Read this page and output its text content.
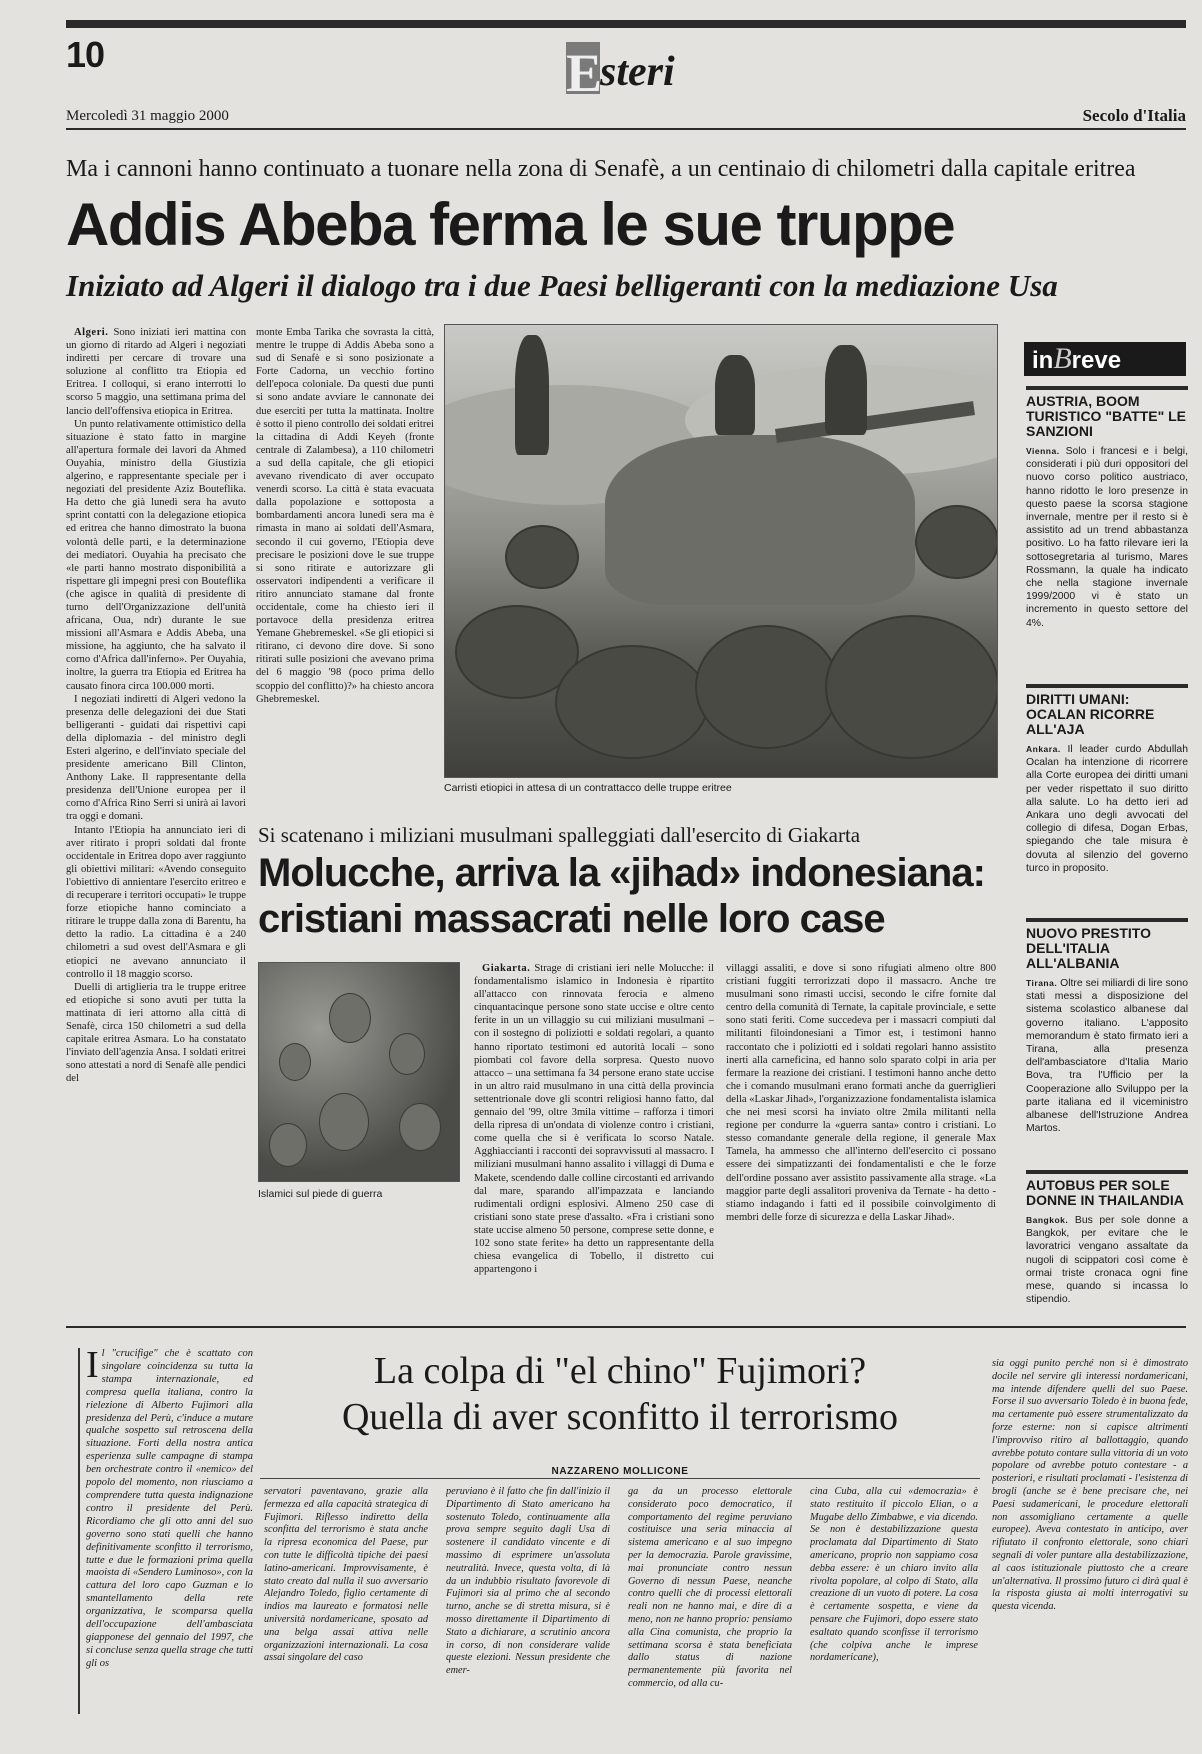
10	E
steri
Mercoledì 31 maggio 2000	Secolo d'Italia
Ma i cannoni hanno continuato a tuonare nella zona di Senafè, a un centinaio di chilometri dalla capitale eritrea
Addis Abeba ferma le sue truppe
Iniziato ad Algeri il dialogo tra i due Paesi belligeranti con la mediazione Usa

Algeri. Sono iniziati ieri mattina con un giorno di ritardo ad Algeri i negoziati indiretti per cercare di trovare una soluzione al conflitto tra Etiopia ed Eritrea. I colloqui, si erano interrotti lo scorso 5 maggio, una settimana prima del lancio dell'offensiva etiopica in Eritrea.

Un punto relativamente ottimistico della situazione è stato fatto in margine all'apertura formale dei lavori da Ahmed Ouyahia, ministro della Giustizia algerino, e rappresentante speciale per i negoziati del presidente Aziz Bouteflika. Ha detto che già lunedì sera ha avuto sprint contatti con la delegazione etiopica ed eritrea che hanno dimostrato la buona volontà delle parti, e la determinazione dei mediatori. Ouyahia ha precisato che «le parti hanno mostrato disponibilità a rispettare gli impegni presi con Bouteflika (che agisce in qualità di presidente di turno dell'Organizzazione dell'unità africana, Oua, ndr) durante le sue missioni all'Asmara e Addis Abeba, una missione, ha aggiunto, che ha salvato il corno d'Africa dall'inferno». Per Ouyahia, inoltre, la guerra tra Etiopia ed Eritrea ha causato finora circa 100.000 morti.

I negoziati indiretti di Algeri vedono la presenza delle delegazioni dei due Stati belligeranti - guidati dai rispettivi capi della diplomazia - del ministro degli Esteri algerino, e dell'inviato speciale del presidente americano Bill Clinton, Anthony Lake. Il rappresentante della presidenza dell'Unione europea per il corno d'Africa Rino Serri si unirà ai lavori tra oggi e domani.

Intanto l'Etiopia ha annunciato ieri di aver ritirato i propri soldati dal fronte occidentale in Eritrea dopo aver raggiunto gli obiettivi militari: «Avendo conseguito l'obiettivo di annientare l'esercito eritreo e di recuperare i territori occupati» le truppe forze etiopiche hanno cominciato a ritirare le truppe dalla zona di Barentu, ha detto la radio. La cittadina è a 240 chilometri a sud ovest dell'Asmara e gli etiopici ne avevano annunciato il controllo il 18 maggio scorso.

Duelli di artiglieria tra le truppe eritree ed etiopiche si sono avuti per tutta la mattinata di ieri attorno alla città di Senafè, circa 150 chilometri a sud della capitale eritrea Asmara. Lo ha constatato l'inviato dell'agenzia Ansa. I soldati eritrei sono attestati a nord di Senafè alle pendici del

monte Emba Tarika che sovrasta la città, mentre le truppe di Addis Abeba sono a sud di Senafè e si sono posizionate a Forte Cadorna, un vecchio fortino dell'epoca coloniale. Da questi due punti si sono andate avviare le cannonate dei due eserciti per tutta la mattinata. Inoltre è sotto il pieno controllo dei soldati eritrei la cittadina di Addi Keyeh (fronte centrale di Zalambesa), a 110 chilometri a sud della capitale, che gli etiopici avevano rivendicato di aver occupato venerdì scorso. La città è stata evacuata dalla popolazione e sottoposta a bombardamenti ancora lunedì sera ma è rimasta in mano ai soldati dell'Asmara, secondo il cui governo, l'Etiopia deve precisare le posizioni dove le sue truppe si sono ritirate e autorizzare gli osservatori indipendenti a verificare il ritiro annunciato stamane dal fronte occidentale, come ha chiesto ieri il portavoce della presidenza eritrea Yemane Ghebremeskel. «Se gli etiopici si ritirano, ci devono dire dove. Si sono ritirati sulle posizioni che avevano prima del 6 maggio '98 (poco prima dello scoppio del conflitto)?» ha chiesto ancora Ghebremeskel.

Carristi etiopici in attesa di un contrattacco delle truppe eritree
Si scatenano i miliziani musulmani spalleggiati dall'esercito di Giakarta
Molucche, arriva la «jihad» indonesiana:
cristiani massacrati nelle loro case
Islamici sul piede di guerra

Giakarta. Strage di cristiani ieri nelle Molucche: il fondamentalismo islamico in Indonesia è ripartito all'attacco con rinnovata ferocia e almeno cinquantacinque persone sono state uccise e oltre cento ferite in un un villaggio su cui miliziani musulmani – con il sostegno di poliziotti e soldati regolari, a quanto hanno riportato testimoni ed autorità locali – sono piombati col favore della sorpresa. Questo nuovo attacco – una settimana fa 34 persone erano state uccise in un altro raid musulmano in una città della provincia settentrionale dove gli scontri religiosi hanno fatto, dal gennaio del '99, oltre 3mila vittime – rafforza i timori della ripresa di un'ondata di violenze contro i cristiani, come quella che si è verificata lo scorso Natale. Agghiaccianti i racconti dei sopravvissuti al massacro. I miliziani musulmani hanno assalito i villaggi di Duma e Makete, scendendo dalle colline circostanti ed arrivando dal mare, sparando all'impazzata e lanciando rudimentali ordigni esplosivi. Almeno 250 case di cristiani sono state prese d'assalto. «Fra i cristiani sono state uccise almeno 50 persone, comprese sette donne, e 102 sono state ferite» ha detto un rappresentante della chiesa evangelica di Tobello, il distretto cui appartengono i

villaggi assaliti, e dove si sono rifugiati almeno oltre 800 cristiani fuggiti terrorizzati dopo il massacro. Anche tre musulmani sono rimasti uccisi, secondo le cifre fornite dal centro della comunità di Ternate, la capitale provinciale, e sette sono stati feriti. Come succedeva per i massacri compiuti dal militanti filoindonesiani a Timor est, i testimoni hanno raccontato che i poliziotti ed i soldati regolari hanno assistito inerti alla carneficina, ed hanno solo sparato colpi in aria per fermare la reazione dei cristiani. I testimoni hanno anche detto che i comando musulmani erano formati anche da guerriglieri della «Laskar Jihad», l'organizzazione fondamentalista islamica che nei mesi scorsi ha inviato oltre 2mila militanti nella regione per condurre la «guerra santa» contro i cristiani. Lo stesso comandante generale della regione, il generale Max Tamela, ha ammesso che all'interno dell'esercito ci possano essere dei simpatizzanti dei fondamentalisti e che le forze dell'ordine possano aver assistito passivamente alla strage. «La maggior parte degli assalitori proveniva da Ternate - ha detto - stiamo indagando i fatti ed il possibile coinvolgimento di membri delle forze di sicurezza e della Laskar Jihad».

inBreve
AUSTRIA, BOOM TURISTICO "BATTE" LE SANZIONI

Vienna. Solo i francesi e i belgi, considerati i più duri oppositori del nuovo corso politico austriaco, hanno ridotto le loro presenze in questo paese la scorsa stagione invernale, mentre per il resto si è assistito ad un trend abbastanza positivo. Lo ha fatto rilevare ieri la sottosegretaria al turismo, Mares Rossmann, la quale ha indicato che nella stagione invernale 1999/2000 vi è stato un incremento in questo settore del 4%.

DIRITTI UMANI: OCALAN RICORRE ALL'AJA

Ankara. Il leader curdo Abdullah Ocalan ha intenzione di ricorrere alla Corte europea dei diritti umani per veder rispettato il suo diritto alla salute. Lo ha detto ieri ad Ankara uno degli avvocati del collegio di difesa, Dogan Erbas, spiegando che tale misura è dovuta al silenzio del governo turco in proposito.

NUOVO PRESTITO DELL'ITALIA ALL'ALBANIA

Tirana. Oltre sei miliardi di lire sono stati messi a disposizione del sistema scolastico albanese dal governo italiano. L'apposito memorandum è stato firmato ieri a Tirana, alla presenza dell'ambasciatore d'Italia Mario Bova, tra l'Ufficio per la Cooperazione allo Sviluppo per la parte italiana ed il viceministro albanese dell'Istruzione Andrea Martos.

AUTOBUS PER SOLE DONNE IN THAILANDIA

Bangkok. Bus per sole donne a Bangkok, per evitare che le lavoratrici vengano assaltate da nugoli di scippatori così come è ormai triste cronaca ogni fine mese, quando si incassa lo stipendio.

Il "crucifige" che è scattato con singolare coincidenza su tutta la stampa internazionale, ed compresa quella italiana, contro la rielezione di Alberto Fujimori alla presidenza del Perù, c'induce a mutare qualche sospetto sul retroscena della situazione. Forti della nostra antica esperienza sulle campagne di stampa ben orchestrate contro il «nemico» del popolo del momento, non riusciamo a comprendere tutta questa indignazione contro il presidente del Perù. Ricordiamo che gli otto anni del suo governo sono stati quelli che hanno definitivamente sconfitto il terrorismo, tutte e due le formazioni prima quella maoista di «Sendero Luminoso», con la cattura del loro capo Guzman e lo smantellamento della rete organizzativa, le scomparsa quella dell'occupazione dell'ambasciata giapponese del gennaio del 1997, che si concluse senza quella strage che tutti gli os
La colpa di "el chino" Fujimori?
Quella di aver sconfitto il terrorismo
NAZZARENO MOLLICONE

servatori paventavano, grazie alla fermezza ed alla capacità strategica di Fujimori. Riflesso indiretto della sconfitta del terrorismo è stata anche la ripresa economica del Paese, pur con tutte le difficoltà tipiche dei paesi latino-americani. Improvvisamente, è stato creato dal nulla il suo avversario Alejandro Toledo, figlio certamente di indios ma laureato e formatosi nelle università nordamericane, sposato ad una belga assai attiva nelle organizzazioni internazionali. La cosa assai singolare del caso

peruviano è il fatto che fin dall'inizio il Dipartimento di Stato americano ha sostenuto Toledo, continuamente alla prova sempre seguito dagli Usa di sostenere il candidato vincente e di massimo di esprimere un'assoluta neutralità. Invece, questa volta, di là da un indubbio risultato favorevole di Fujimori sia al primo che al secondo turno, anche se di stretta misura, si è mosso direttamente il Dipartimento di Stato a dichiarare, a scrutinio ancora in corso, di non considerare valide queste elezioni. Nessun presidente che emer-

ga da un processo elettorale considerato poco democratico, il comportamento del regime peruviano costituisce una seria minaccia al sistema americano e al suo impegno per la democrazia. Parole gravissime, mai pronunciate contro nessun Governo di nessun Paese, neanche contro quelli che di processi elettorali reali non ne hanno mai, e dire di a meno, non ne hanno proprio: pensiamo alla Cina comunista, che proprio la settimana scorsa è stata beneficiata dallo status di nazione permanentemente più favorita nel commercio, od alla cu-

cina Cuba, alla cui «democrazia» è stato restituito il piccolo Elian, o a Mugabe dello Zimbabwe, e via dicendo. Se non è destabilizzazione questa proclamata dal Dipartimento di Stato americano, proprio non sappiamo cosa debba essere: è un chiaro invito alla rivolta popolare, al colpo di Stato, alla creazione di un vuoto di potere. La cosa è certamente sospetta, e viene da pensare che Fujimori, dopo essere stato esaltato quando sconfisse il terrorismo (che colpiva anche le imprese nordamericane),

sia oggi punito perché non si è dimostrato docile nel servire gli interessi nordamericani, ma intende difendere quelli del suo Paese. Forse il suo avversario Toledo è in buona fede, ma certamente può essere strumentalizzato da forze esterne: non si capisce altrimenti l'improvviso ritiro al ballottaggio, quando avrebbe potuto contare sulla vittoria di un voto popolare od avrebbe potuto contestare - a posteriori, e risultati proclamati - l'esistenza di brogli (anche se è bene precisare che, nei Paesi sudamericani, le procedure elettorali non assomigliano certamente a quelle europee). Aveva contestato in anticipo, aver rifiutato il confronto elettorale, sono chiari segnali di voler puntare alla destabilizzazione, al caos istituzionale piuttosto che a creare un'alternativa. Il prossimo futuro ci dirà qual è la risposta giusta ai molti interrogativi su questa vicenda.
